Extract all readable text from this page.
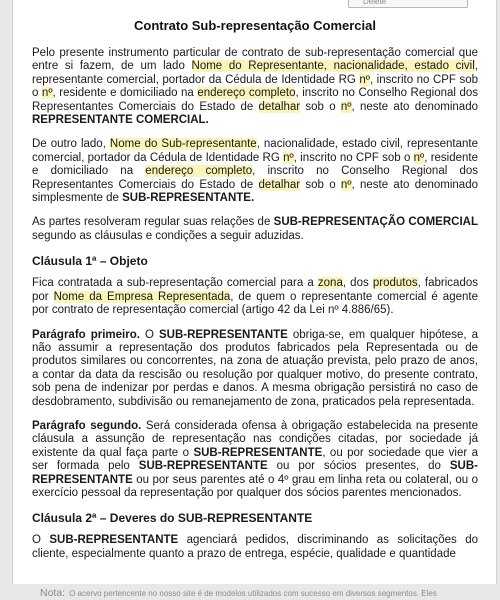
Delete
Contrato Sub-representação Comercial

Pelo presente instrumento particular de contrato de sub-representação comercial que entre si fazem, de um lado Nome do Representante, nacionalidade, estado civil, representante comercial, portador da Cédula de Identidade RG nº, inscrito no CPF sob o nº, residente e domiciliado na endereço completo, inscrito no Conselho Regional dos Representantes Comerciais do Estado de detalhar sob o nº, neste ato denominado REPRESENTANTE COMERCIAL.

De outro lado, Nome do Sub-representante, nacionalidade, estado civil, representante comercial, portador da Cédula de Identidade RG nº, inscrito no CPF sob o nº, residente e domiciliado na endereço completo, inscrito no Conselho Regional dos Representantes Comerciais do Estado de detalhar sob o nº, neste ato denominado simplesmente de SUB-REPRESENTANTE.

As partes resolveram regular suas relações de SUB-REPRESENTAÇÃO COMERCIAL segundo as cláusulas e condições a seguir aduzidas.

Cláusula 1ª – Objeto

Fica contratada a sub-representação comercial para a zona, dos produtos, fabricados por Nome da Empresa Representada, de quem o representante comercial é agente por contrato de representação comercial (artigo 42 da Lei nº 4.886/65).

Parágrafo primeiro. O SUB-REPRESENTANTE obriga-se, em qualquer hipótese, a não assumir a representação dos produtos fabricados pela Representada ou de produtos similares ou concorrentes, na zona de atuação prevista, pelo prazo de anos, a contar da data da rescisão ou resolução por qualquer motivo, do presente contrato, sob pena de indenizar por perdas e danos. A mesma obrigação persistirá no caso de desdobramento, subdivisão ou remanejamento de zona, praticados pela representada.

Parágrafo segundo. Será considerada ofensa à obrigação estabelecida na presente cláusula a assunção de representação nas condições citadas, por sociedade já existente da qual faça parte o SUB-REPRESENTANTE, ou por sociedade que vier a ser formada pelo SUB-REPRESENTANTE ou por sócios presentes, do SUB-REPRESENTANTE ou por seus parentes até o 4º grau em linha reta ou colateral, ou o exercício pessoal da representação por qualquer dos sócios parentes mencionados.

Cláusula 2ª – Deveres do SUB-REPRESENTANTE

O SUB-REPRESENTANTE agenciará pedidos, discriminando as solicitações do cliente, especialmente quanto a prazo de entrega, espécie, qualidade e quantidade

Nota: O acervo pertencente no nosso site é de modelos utilizados com sucesso em diversos segmentos. Eles
